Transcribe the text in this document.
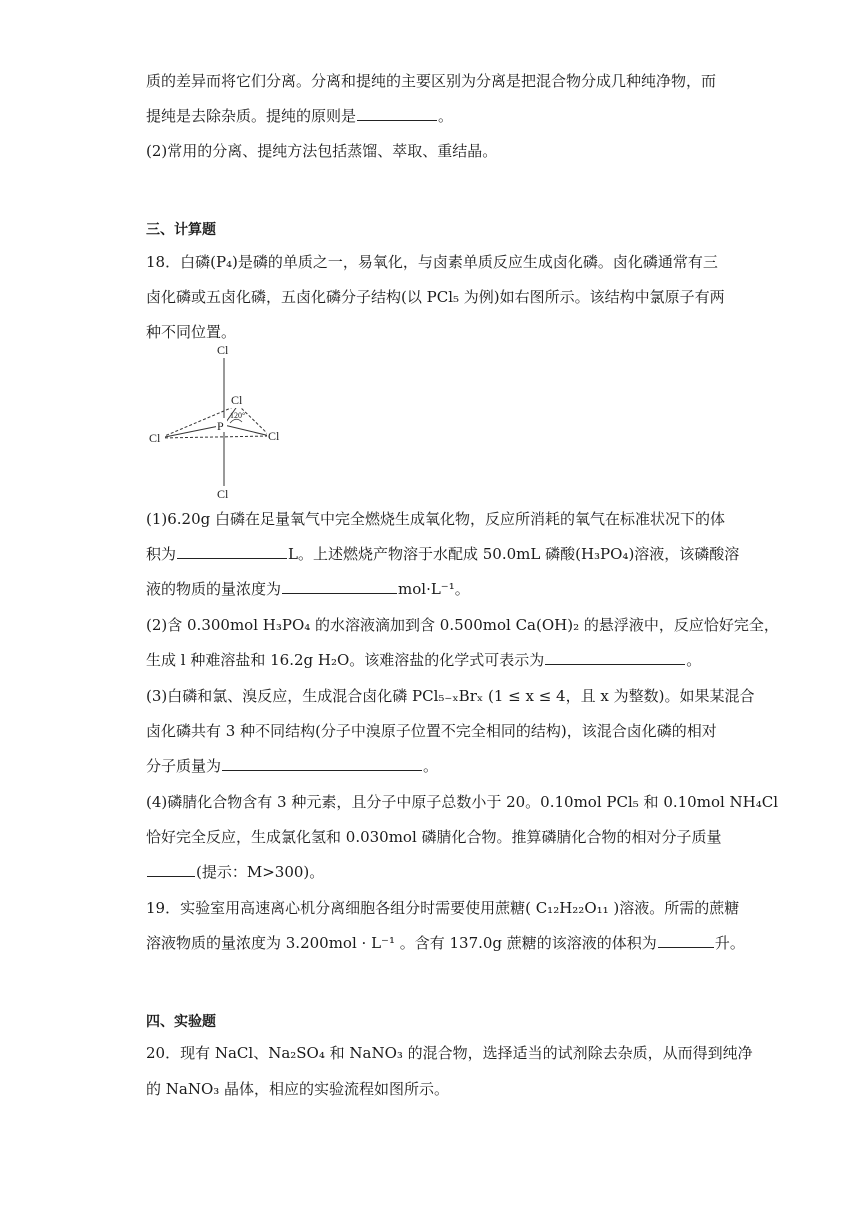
质的差异而将它们分离。分离和提纯的主要区别为分离是把混合物分成几种纯净物，而
提纯是去除杂质。提纯的原则是	。
(2)常用的分离、提纯方法包括蒸馏、萃取、重结晶。
三、计算题
18．白磷(P₄)是磷的单质之一，易氧化，与卤素单质反应生成卤化磷。卤化磷通常有三
卤化磷或五卤化磷，五卤化磷分子结构(以 PCl₅ 为例)如右图所示。该结构中氯原子有两
种不同位置。
(1)6.20g 白磷在足量氧气中完全燃烧生成氧化物，反应所消耗的氧气在标准状况下的体
积为	L。上述燃烧产物溶于水配成 50.0mL 磷酸(H₃PO₄)溶液，该磷酸溶
液的物质的量浓度为	mol·L⁻¹。
(2)含 0.300mol H₃PO₄ 的水溶液滴加到含 0.500mol Ca(OH)₂ 的悬浮液中，反应恰好完全，
生成 l 种难溶盐和 16.2g H₂O。该难溶盐的化学式可表示为	。
(3)白磷和氯、溴反应，生成混合卤化磷 PCl₅₋ₓBrₓ (1 ≤ x ≤ 4，且 x 为整数)。如果某混合
卤化磷共有 3 种不同结构(分子中溴原子位置不完全相同的结构)，该混合卤化磷的相对
分子质量为	。
(4)磷腈化合物含有 3 种元素，且分子中原子总数小于 20。0.10mol PCl₅ 和 0.10mol NH₄Cl
恰好完全反应，生成氯化氢和 0.030mol 磷腈化合物。推算磷腈化合物的相对分子质量
(提示：M>300)。
19．实验室用高速离心机分离细胞各组分时需要使用蔗糖( C₁₂H₂₂O₁₁ )溶液。所需的蔗糖
溶液物质的量浓度为 3.200mol · L⁻¹ 。含有 137.0g 蔗糖的该溶液的体积为	升。
四、实验题
20．现有 NaCl、Na₂SO₄ 和 NaNO₃ 的混合物，选择适当的试剂除去杂质，从而得到纯净
的 NaNO₃ 晶体，相应的实验流程如图所示。
Cl
Cl
Cl	Cl
Cl
P
120°
